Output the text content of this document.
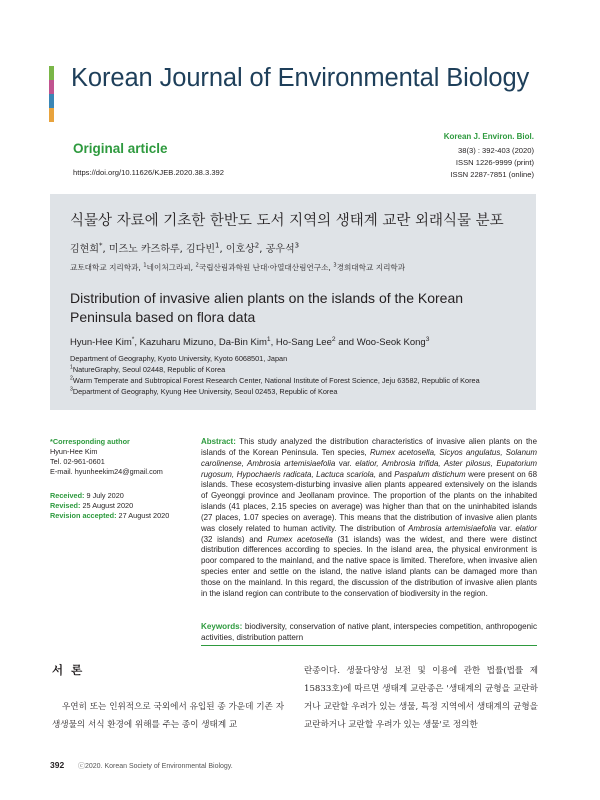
Korean Journal of Environmental Biology
Original article
https://doi.org/10.11626/KJEB.2020.38.3.392
Korean J. Environ. Biol.
38(3) : 392-403 (2020)
ISSN 1226-9999 (print)
ISSN 2287-7851 (online)
식물상 자료에 기초한 한반도 도서 지역의 생태계 교란 외래식물 분포
김현희*, 미즈노 카즈하루, 김다빈$^1$, 이호상$^2$, 공우석$^3$
교토대학교 지리학과, $^1$네이처그라피, $^2$국립산림과학원 난대·아열대산림연구소, $^3$경희대학교 지리학과
Distribution of invasive alien plants on the islands of the Korean Peninsula based on flora data
Hyun-Hee Kim*, Kazuharu Mizuno, Da-Bin Kim$^1$, Ho-Sang Lee$^2$ and Woo-Seok Kong$^3$
Department of Geography, Kyoto University, Kyoto 6068501, Japan
$^1$NatureGraphy, Seoul 02448, Republic of Korea
$^2$Warm Temperate and Subtropical Forest Research Center, National Institute of Forest Science, Jeju 63582, Republic of Korea
$^3$Department of Geography, Kyung Hee University, Seoul 02453, Republic of Korea
*Corresponding author
Hyun-Hee Kim
Tel. 02-961-0601
E-mail. hyunheekim24@gmail.com
Received: 9 July 2020
Revised: 25 August 2020
Revision accepted: 27 August 2020
Abstract: This study analyzed the distribution characteristics of invasive alien plants on the islands of the Korean Peninsula. Ten species, Rumex acetosella, Sicyos angulatus, Solanum carolinense, Ambrosia artemisiaefolia var. elatior, Ambrosia trifida, Aster pilosus, Eupatorium rugosum, Hypochaeris radicata, Lactuca scariola, and Paspalum distichum were present on 68 islands. These ecosystem-disturbing invasive alien plants appeared extensively on the islands of Gyeonggi province and Jeollanam province. The proportion of the plants on the inhabited islands (41 places, 2.15 species on average) was higher than that on the uninhabited islands (27 places, 1.07 species on average). This means that the distribution of invasive alien plants was closely related to human activity. The distribution of Ambrosia artemisiaefolia var. elatior (32 islands) and Rumex acetosella (31 islands) was the widest, and there were distinct distribution differences according to species. In the island area, the physical environment is poor compared to the mainland, and the native space is limited. Therefore, when invasive alien species enter and settle on the island, the native island plants can be damaged more than those on the mainland. In this regard, the discussion of the distribution of invasive alien plants in the island region can contribute to the conservation of biodiversity in the region.
Keywords: biodiversity, conservation of native plant, interspecies competition, anthropogenic activities, distribution pattern
서론

우연히 또는 인위적으로 국외에서 유입된 종 가운데 기존 자생생물의 서식 환경에 위해를 주는 종이 생태계 교

란종이다. 생물다양성 보전 및 이용에 관한 법률(법률 제15833호)에 따르면 생태계 교란종은 '생태계의 균형을 교란하거나 교란할 우려가 있는 생물, 특정 지역에서 생태계의 균형을 교란하거나 교란할 우려가 있는 생물'로 정의한
392 ⓒ2020. Korean Society of Environmental Biology.
